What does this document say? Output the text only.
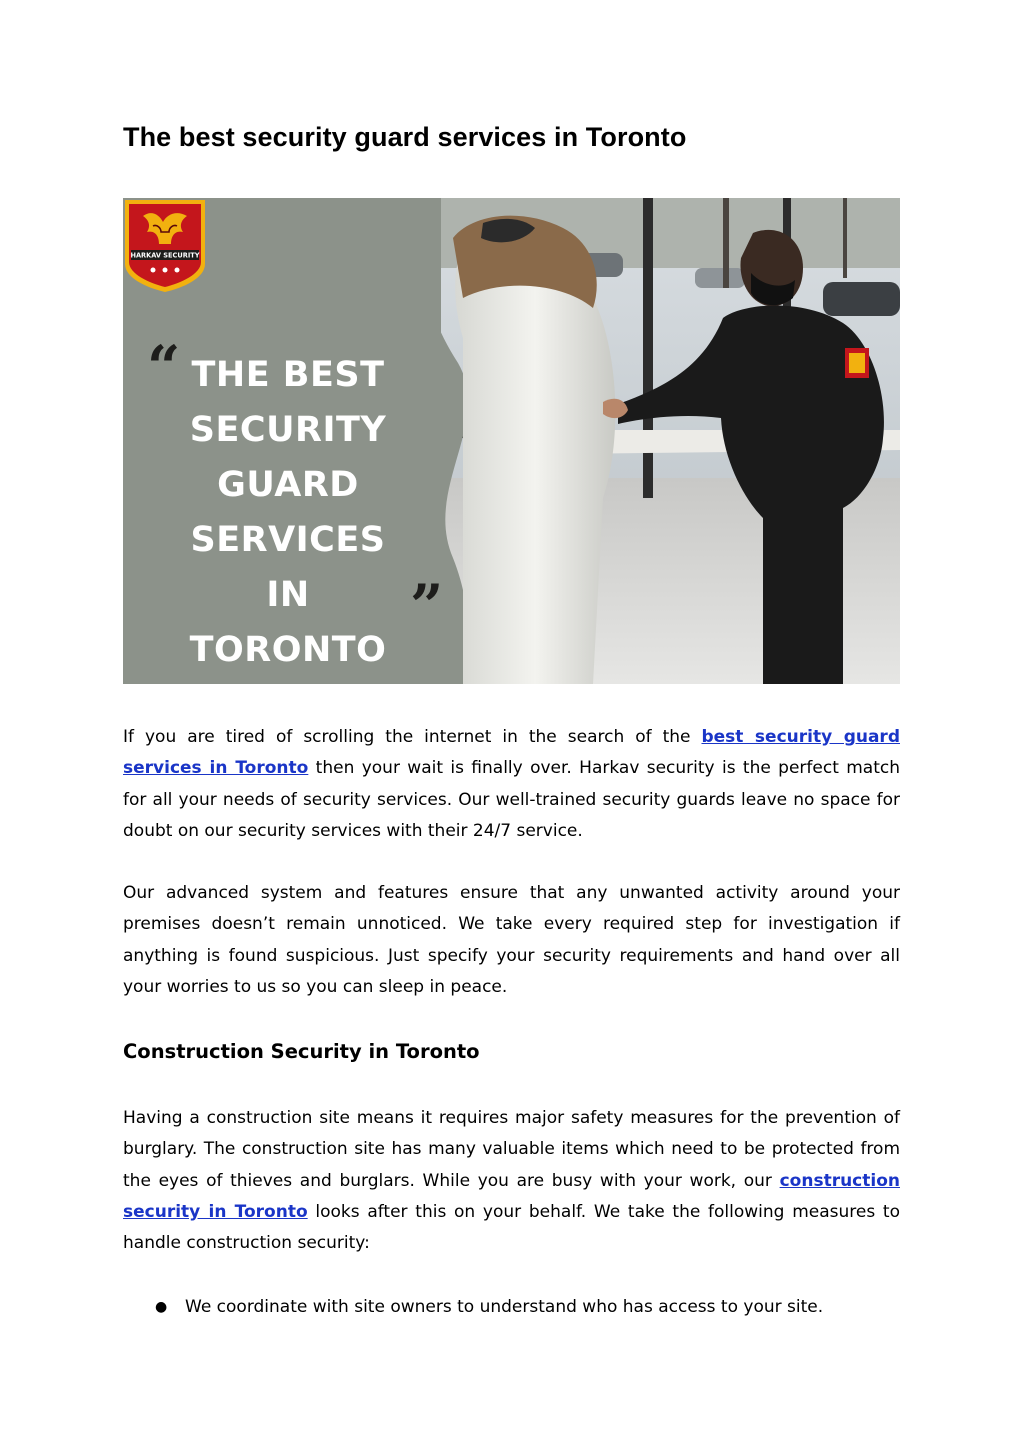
The best security guard services in Toronto
HARKAV SECURITY
“ THE BEST
SECURITY
GUARD
SERVICES IN
TORONTO
”

If you are tired of scrolling the internet in the search of the best security guard services in Toronto then your wait is finally over. Harkav security is the perfect match for all your needs of security services. Our well-trained security guards leave no space for doubt on our security services with their 24/7 service.

Our advanced system and features ensure that any unwanted activity around your premises doesn’t remain unnoticed. We take every required step for investigation if anything is found suspicious. Just specify your security requirements and hand over all your worries to us so you can sleep in peace.

Construction Security in Toronto

Having a construction site means it requires major safety measures for the prevention of burglary. The construction site has many valuable items which need to be protected from the eyes of thieves and burglars. While you are busy with your work, our construction security in Toronto looks after this on your behalf. We take the following measures to handle construction security:

● We coordinate with site owners to understand who has access to your site.
